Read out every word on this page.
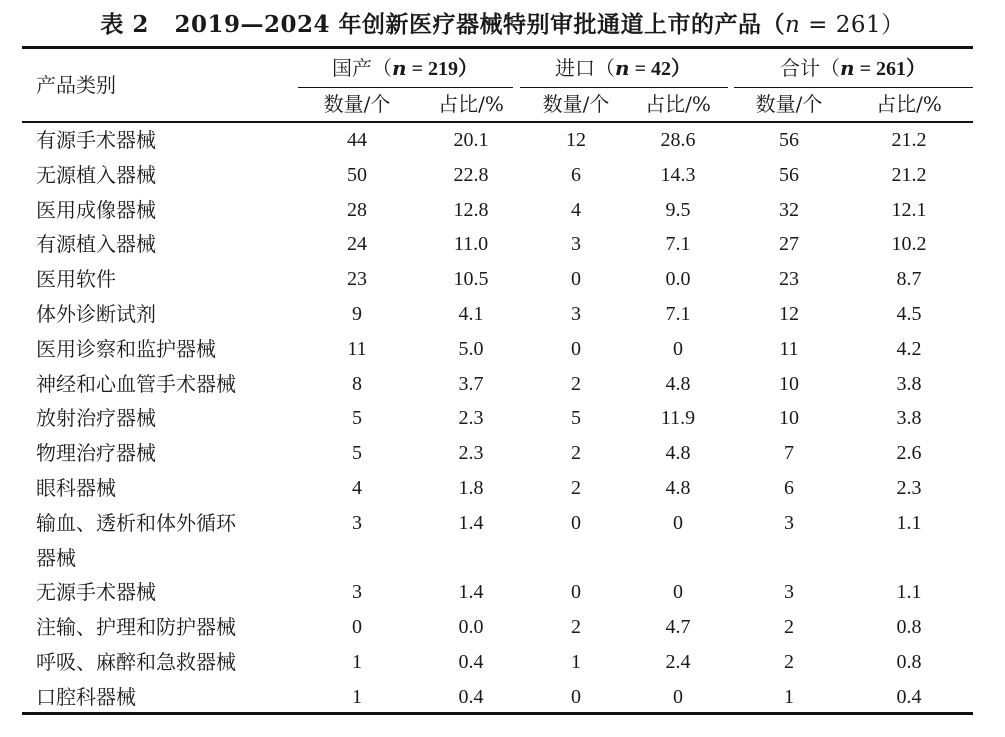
表 2 2019—2024 年创新医疗器械特别审批通道上市的产品（n = 261）
产品类别
国产（n = 219）	进口（n = 42）	合计（n = 261）
数量/个	占比/%	数量/个	占比/%	数量/个	占比/%
有源手术器械	44	20.1	12	28.6	56	21.2
无源植入器械	50	22.8	6	14.3	56	21.2
医用成像器械	28	12.8	4	9.5	32	12.1
有源植入器械	24	11.0	3	7.1	27	10.2
医用软件	23	10.5	0	0.0	23	8.7
体外诊断试剂	9	4.1	3	7.1	12	4.5
医用诊察和监护器械	11	5.0	0	0	11	4.2
神经和心血管手术器械	8	3.7	2	4.8	10	3.8
放射治疗器械	5	2.3	5	11.9	10	3.8
物理治疗器械	5	2.3	2	4.8	7	2.6
眼科器械	4	1.8	2	4.8	6	2.3
输血、透析和体外循环	3	1.4	0	0	3	1.1
器械
无源手术器械	3	1.4	0	0	3	1.1
注输、护理和防护器械	0	0.0	2	4.7	2	0.8
呼吸、麻醉和急救器械	1	0.4	1	2.4	2	0.8
口腔科器械	1	0.4	0	0	1	0.4
